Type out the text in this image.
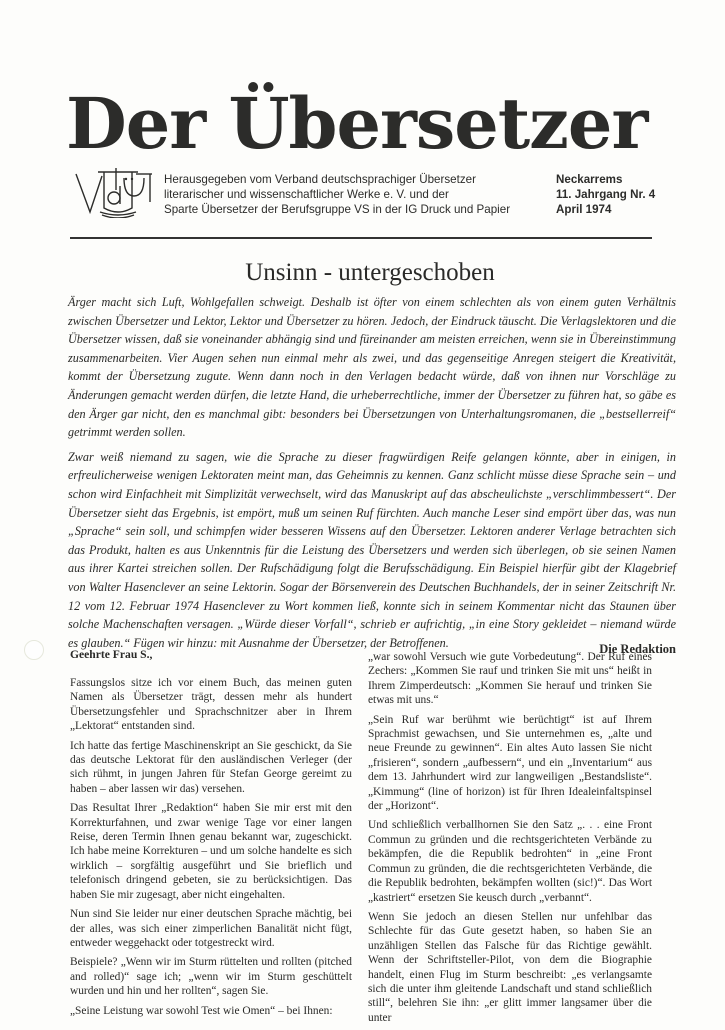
Der Übersetzer
Herausgegeben vom Verband deutschsprachiger Übersetzer
literarischer und wissenschaftlicher Werke e. V. und der
Sparte Übersetzer der Berufsgruppe VS in der IG Druck und Papier
Neckarrems
11. Jahrgang Nr. 4
April 1974
Unsinn - untergeschoben

Ärger macht sich Luft, Wohlgefallen schweigt. Deshalb ist öfter von einem schlechten als von einem guten Verhältnis zwischen Übersetzer und Lektor, Lektor und Übersetzer zu hören. Jedoch, der Eindruck täuscht. Die Verlagslektoren und die Übersetzer wissen, daß sie voneinander abhängig sind und füreinander am meisten erreichen, wenn sie in Übereinstimmung zusammenarbeiten. Vier Augen sehen nun einmal mehr als zwei, und das gegenseitige Anregen steigert die Kreativität, kommt der Übersetzung zugute. Wenn dann noch in den Verlagen bedacht würde, daß von ihnen nur Vorschläge zu Änderungen gemacht werden dürfen, die letzte Hand, die urheberrechtliche, immer der Übersetzer zu führen hat, so gäbe es den Ärger gar nicht, den es manchmal gibt: besonders bei Übersetzungen von Unterhaltungsromanen, die „bestsellerreif“ getrimmt werden sollen.

Zwar weiß niemand zu sagen, wie die Sprache zu dieser fragwürdigen Reife gelangen könnte, aber in einigen, in erfreulicherweise wenigen Lektoraten meint man, das Geheimnis zu kennen. Ganz schlicht müsse diese Sprache sein – und schon wird Einfachheit mit Simplizität verwechselt, wird das Manuskript auf das abscheulichste „verschlimmbessert“. Der Übersetzer sieht das Ergebnis, ist empört, muß um seinen Ruf fürchten. Auch manche Leser sind empört über das, was nun „Sprache“ sein soll, und schimpfen wider besseren Wissens auf den Übersetzer. Lektoren anderer Verlage betrachten sich das Produkt, halten es aus Unkenntnis für die Leistung des Übersetzers und werden sich überlegen, ob sie seinen Namen aus ihrer Kartei streichen sollen. Der Rufschädigung folgt die Berufsschädigung. Ein Beispiel hierfür gibt der Klagebrief von Walter Hasenclever an seine Lektorin. Sogar der Börsenverein des Deutschen Buchhandels, der in seiner Zeitschrift Nr. 12 vom 12. Februar 1974 Hasenclever zu Wort kommen ließ, konnte sich in seinem Kommentar nicht das Staunen über solche Machenschaften versagen. „Würde dieser Vorfall“, schrieb er aufrichtig, „in eine Story gekleidet – niemand würde es glauben.“ Fügen wir hinzu: mit Ausnahme der Übersetzer, der Betroffenen.	Die Redaktion
Geehrte Frau S.,

Fassungslos sitze ich vor einem Buch, das meinen guten Namen als Übersetzer trägt, dessen mehr als hundert Übersetzungsfehler und Sprachschnitzer aber in Ihrem „Lektorat“ entstanden sind.

Ich hatte das fertige Maschinenskript an Sie geschickt, da Sie das deutsche Lektorat für den ausländischen Verleger (der sich rühmt, in jungen Jahren für Stefan George gereimt zu haben – aber lassen wir das) versehen.

Das Resultat Ihrer „Redaktion“ haben Sie mir erst mit den Korrekturfahnen, und zwar wenige Tage vor einer langen Reise, deren Termin Ihnen genau bekannt war, zugeschickt. Ich habe meine Korrekturen – und um solche handelte es sich wirklich – sorgfältig ausgeführt und Sie brieflich und telefonisch dringend gebeten, sie zu berücksichtigen. Das haben Sie mir zugesagt, aber nicht eingehalten.

Nun sind Sie leider nur einer deutschen Sprache mächtig, bei der alles, was sich einer zimperlichen Banalität nicht fügt, entweder weggehackt oder totgestreckt wird.

Beispiele? „Wenn wir im Sturm rüttelten und rollten (pitched and rolled)“ sage ich; „wenn wir im Sturm geschüttelt wurden und hin und her rollten“, sagen Sie.

„Seine Leistung war sowohl Test wie Omen“ – bei Ihnen:

„war sowohl Versuch wie gute Vorbedeutung“. Der Ruf eines Zechers: „Kommen Sie rauf und trinken Sie mit uns“ heißt in Ihrem Zimperdeutsch: „Kommen Sie herauf und trinken Sie etwas mit uns.“

„Sein Ruf war berühmt wie berüchtigt“ ist auf Ihrem Sprachmist gewachsen, und Sie unternehmen es, „alte und neue Freunde zu gewinnen“. Ein altes Auto lassen Sie nicht „frisieren“, sondern „aufbessern“, und ein „Inventarium“ aus dem 13. Jahrhundert wird zur langweiligen „Bestandsliste“. „Kimmung“ (line of horizon) ist für Ihren Idealeinfaltspinsel der „Horizont“.

Und schließlich verballhornen Sie den Satz „. . . eine Front Commun zu gründen und die rechtsgerichteten Verbände zu bekämpfen, die die Republik bedrohten“ in „eine Front Commun zu gründen, die die rechtsgerichteten Verbände, die die Republik bedrohten, bekämpfen wollten (sic!)“. Das Wort „kastriert“ ersetzen Sie keusch durch „verbannt“.

Wenn Sie jedoch an diesen Stellen nur unfehlbar das Schlechte für das Gute gesetzt haben, so haben Sie an unzähligen Stellen das Falsche für das Richtige gewählt. Wenn der Schriftsteller-Pilot, von dem die Biographie handelt, einen Flug im Sturm beschreibt: „es verlangsamte sich die unter ihm gleitende Landschaft und stand schließlich still“, belehren Sie ihn: „er glitt immer langsamer über die unter
